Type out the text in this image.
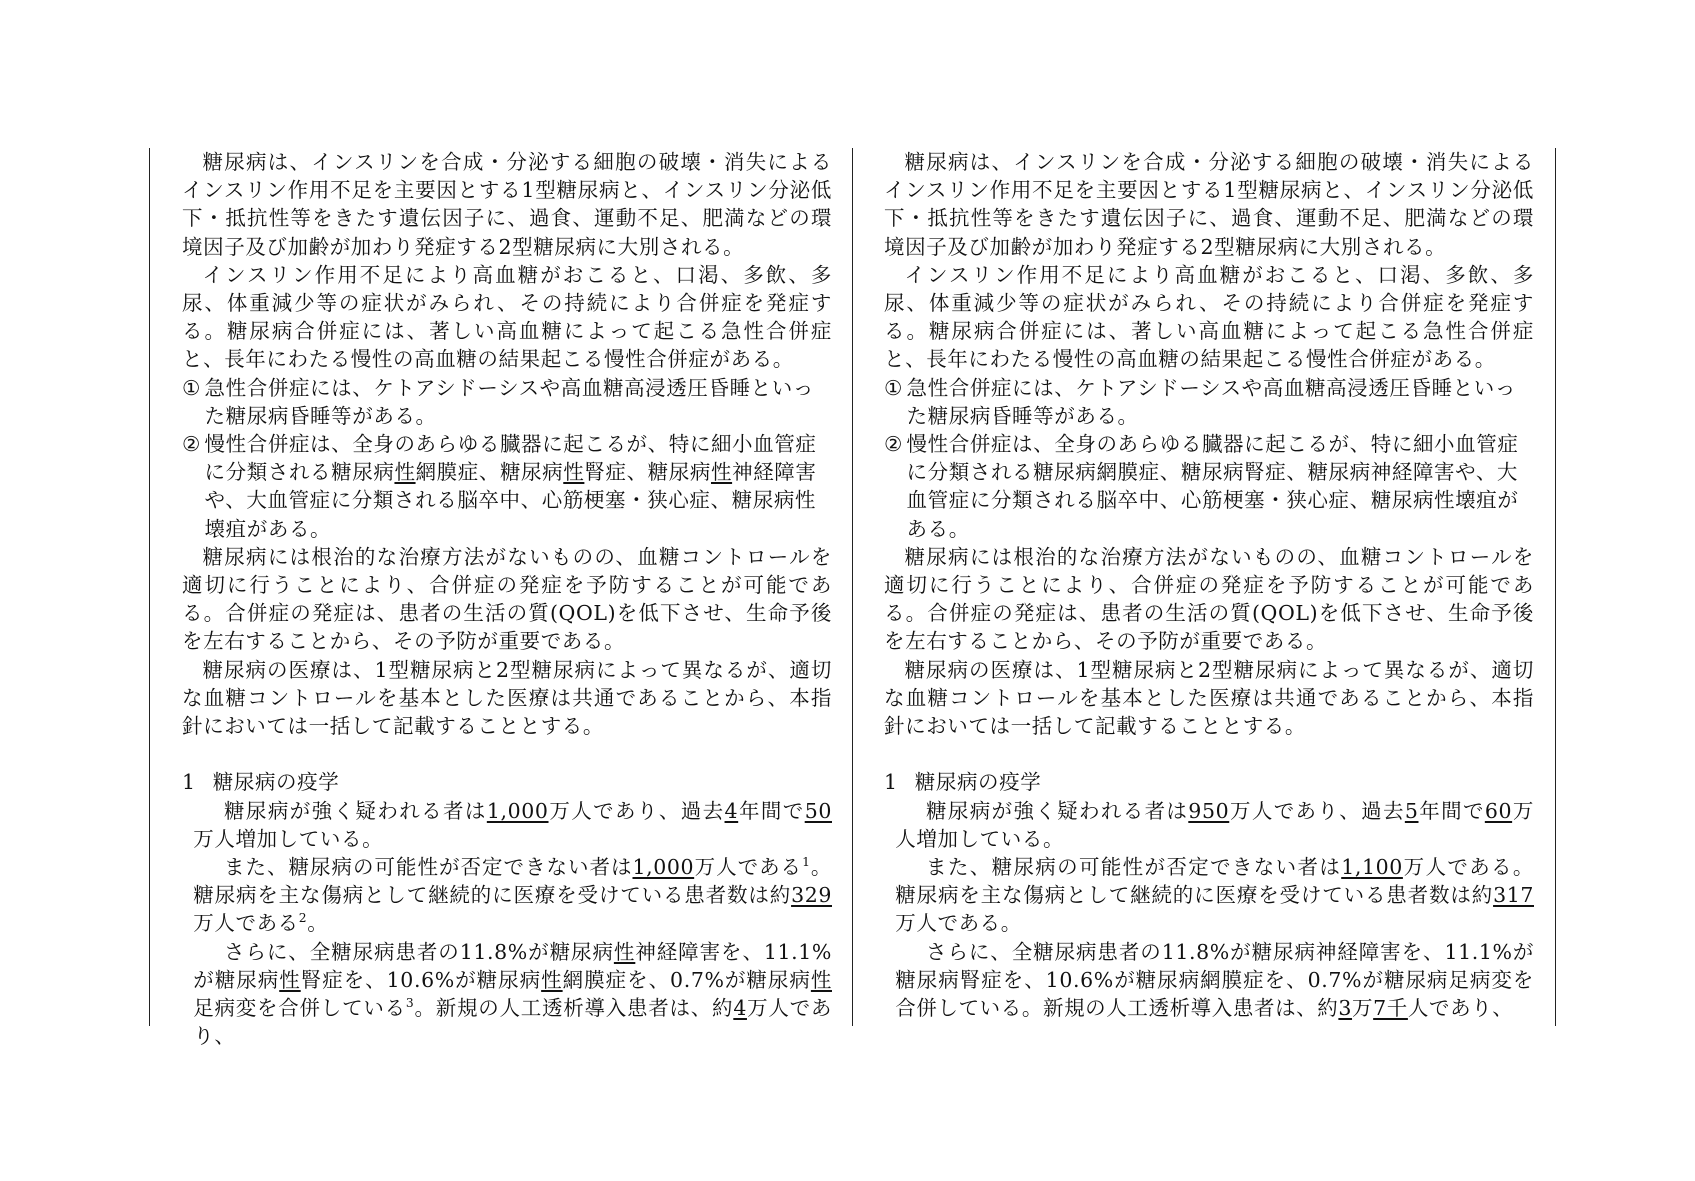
糖尿病は、インスリンを合成・分泌する細胞の破壊・消失によるインスリン作用不足を主要因とする1型糖尿病と、インスリン分泌低下・抵抗性等をきたす遺伝因子に、過食、運動不足、肥満などの環境因子及び加齢が加わり発症する2型糖尿病に大別される。

インスリン作用不足により高血糖がおこると、口渇、多飲、多尿、体重減少等の症状がみられ、その持続により合併症を発症する。糖尿病合併症には、著しい高血糖によって起こる急性合併症と、長年にわたる慢性の高血糖の結果起こる慢性合併症がある。

① 急性合併症には、ケトアシドーシスや高血糖高浸透圧昏睡といった糖尿病昏睡等がある。

② 慢性合併症は、全身のあらゆる臓器に起こるが、特に細小血管症に分類される糖尿病性網膜症、糖尿病性腎症、糖尿病性神経障害や、大血管症に分類される脳卒中、心筋梗塞・狭心症、糖尿病性壊疽がある。

糖尿病には根治的な治療方法がないものの、血糖コントロールを適切に行うことにより、合併症の発症を予防することが可能である。合併症の発症は、患者の生活の質(QOL)を低下させ、生命予後を左右することから、その予防が重要である。

糖尿病の医療は、1型糖尿病と2型糖尿病によって異なるが、適切な血糖コントロールを基本とした医療は共通であることから、本指針においては一括して記載することとする。

1 糖尿病の疫学

糖尿病が強く疑われる者は1,000万人であり、過去4年間で50万人増加している。

また、糖尿病の可能性が否定できない者は1,000万人である$^1$。糖尿病を主な傷病として継続的に医療を受けている患者数は約329万人である$^2$。

さらに、全糖尿病患者の11.8%が糖尿病性神経障害を、11.1%が糖尿病性腎症を、10.6%が糖尿病性網膜症を、0.7%が糖尿病性足病変を合併している$^3$。新規の人工透析導入患者は、約4万人であり、

糖尿病は、インスリンを合成・分泌する細胞の破壊・消失によるインスリン作用不足を主要因とする1型糖尿病と、インスリン分泌低下・抵抗性等をきたす遺伝因子に、過食、運動不足、肥満などの環境因子及び加齢が加わり発症する2型糖尿病に大別される。

インスリン作用不足により高血糖がおこると、口渇、多飲、多尿、体重減少等の症状がみられ、その持続により合併症を発症する。糖尿病合併症には、著しい高血糖によって起こる急性合併症と、長年にわたる慢性の高血糖の結果起こる慢性合併症がある。

① 急性合併症には、ケトアシドーシスや高血糖高浸透圧昏睡といった糖尿病昏睡等がある。

② 慢性合併症は、全身のあらゆる臓器に起こるが、特に細小血管症に分類される糖尿病網膜症、糖尿病腎症、糖尿病神経障害や、大血管症に分類される脳卒中、心筋梗塞・狭心症、糖尿病性壊疽がある。

糖尿病には根治的な治療方法がないものの、血糖コントロールを適切に行うことにより、合併症の発症を予防することが可能である。合併症の発症は、患者の生活の質(QOL)を低下させ、生命予後を左右することから、その予防が重要である。

糖尿病の医療は、1型糖尿病と2型糖尿病によって異なるが、適切な血糖コントロールを基本とした医療は共通であることから、本指針においては一括して記載することとする。

1 糖尿病の疫学

糖尿病が強く疑われる者は950万人であり、過去5年間で60万人増加している。

また、糖尿病の可能性が否定できない者は1,100万人である。糖尿病を主な傷病として継続的に医療を受けている患者数は約317万人である。

さらに、全糖尿病患者の11.8%が糖尿病神経障害を、11.1%が糖尿病腎症を、10.6%が糖尿病網膜症を、0.7%が糖尿病足病変を合併している。新規の人工透析導入患者は、約3万7千人であり、
